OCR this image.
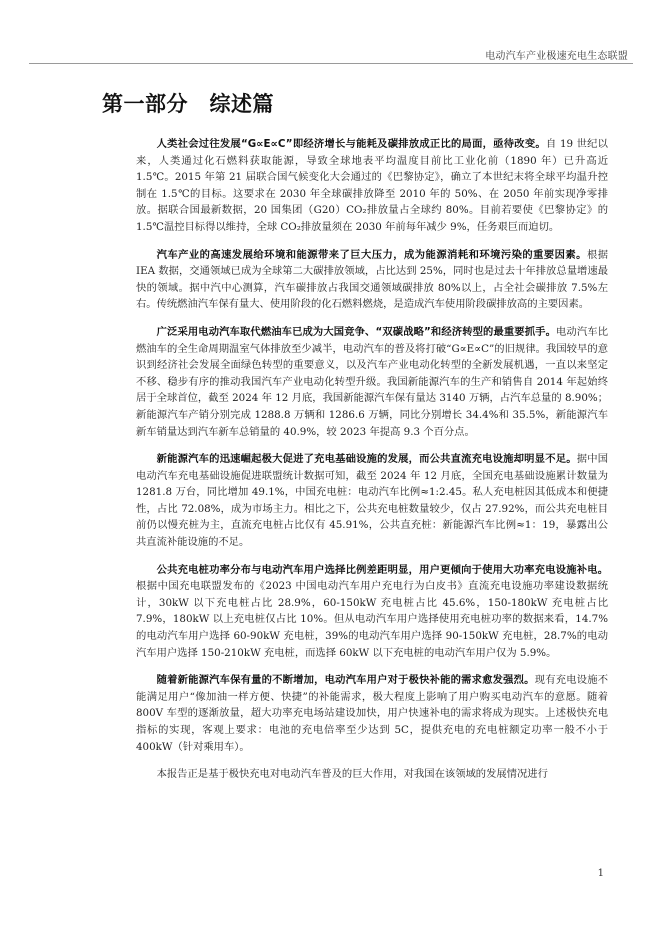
电动汽车产业极速充电生态联盟
第一部分　综述篇

人类社会过往发展“G∝E∝C”即经济增长与能耗及碳排放成正比的局面，亟待改变。自 19 世纪以来，人类通过化石燃料获取能源，导致全球地表平均温度目前比工业化前（1890 年）已升高近 1.5℃。2015 年第 21 届联合国气候变化大会通过的《巴黎协定》，确立了本世纪末将全球平均温升控制在 1.5℃的目标。这要求在 2030 年全球碳排放降至 2010 年的 50%、在 2050 年前实现净零排放。据联合国最新数据，20 国集团（G20）CO₂排放量占全球约 80%。目前若要使《巴黎协定》的 1.5℃温控目标得以维持，全球 CO₂排放量须在 2030 年前每年减少 9%，任务艰巨而迫切。

汽车产业的高速发展给环境和能源带来了巨大压力，成为能源消耗和环境污染的重要因素。根据 IEA 数据，交通领域已成为全球第二大碳排放领域，占比达到 25%，同时也是过去十年排放总量增速最快的领域。据中汽中心测算，汽车碳排放占我国交通领域碳排放 80%以上，占全社会碳排放 7.5%左右。传统燃油汽车保有量大、使用阶段的化石燃料燃烧，是造成汽车使用阶段碳排放高的主要因素。

广泛采用电动汽车取代燃油车已成为大国竞争、“双碳战略”和经济转型的最重要抓手。电动汽车比燃油车的全生命周期温室气体排放至少减半，电动汽车的普及将打破“G∝E∝C”的旧规律。我国较早的意识到经济社会发展全面绿色转型的重要意义，以及汽车产业电动化转型的全新发展机遇，一直以来坚定不移、稳步有序的推动我国汽车产业电动化转型升级。我国新能源汽车的生产和销售自 2014 年起始终居于全球首位，截至 2024 年 12 月底，我国新能源汽车保有量达 3140 万辆，占汽车总量的 8.90%；新能源汽车产销分别完成 1288.8 万辆和 1286.6 万辆，同比分别增长 34.4%和 35.5%，新能源汽车新车销量达到汽车新车总销量的 40.9%，较 2023 年提高 9.3 个百分点。

新能源汽车的迅速崛起极大促进了充电基础设施的发展，而公共直流充电设施却明显不足。据中国电动汽车充电基础设施促进联盟统计数据可知，截至 2024 年 12 月底，全国充电基础设施累计数量为 1281.8 万台，同比增加 49.1%，中国充电桩：电动汽车比例≈1:2.45。私人充电桩因其低成本和便捷性，占比 72.08%，成为市场主力。相比之下，公共充电桩数量较少，仅占 27.92%，而公共充电桩目前仍以慢充桩为主，直流充电桩占比仅有 45.91%，公共直充桩：新能源汽车比例≈1：19，暴露出公共直流补能设施的不足。

公共充电桩功率分布与电动汽车用户选择比例差距明显，用户更倾向于使用大功率充电设施补电。根据中国充电联盟发布的《2023 中国电动汽车用户充电行为白皮书》直流充电设施功率建设数据统计，30kW 以下充电桩占比 28.9%，60-150kW 充电桩占比 45.6%，150-180kW 充电桩占比 7.9%，180kW 以上充电桩仅占比 10%。但从电动汽车用户选择使用充电桩功率的数据来看，14.7%的电动汽车用户选择 60-90kW 充电桩，39%的电动汽车用户选择 90-150kW 充电桩，28.7%的电动汽车用户选择 150-210kW 充电桩，而选择 60kW 以下充电桩的电动汽车用户仅为 5.9%。

随着新能源汽车保有量的不断增加，电动汽车用户对于极快补能的需求愈发强烈。现有充电设施不能满足用户“像加油一样方便、快捷”的补能需求，极大程度上影响了用户购买电动汽车的意愿。随着 800V 车型的逐渐放量，超大功率充电场站建设加快，用户快速补电的需求将成为现实。上述极快充电指标的实现，客观上要求：电池的充电倍率至少达到 5C，提供充电的充电桩额定功率一般不小于 400kW（针对乘用车）。

本报告正是基于极快充电对电动汽车普及的巨大作用，对我国在该领域的发展情况进行

1
